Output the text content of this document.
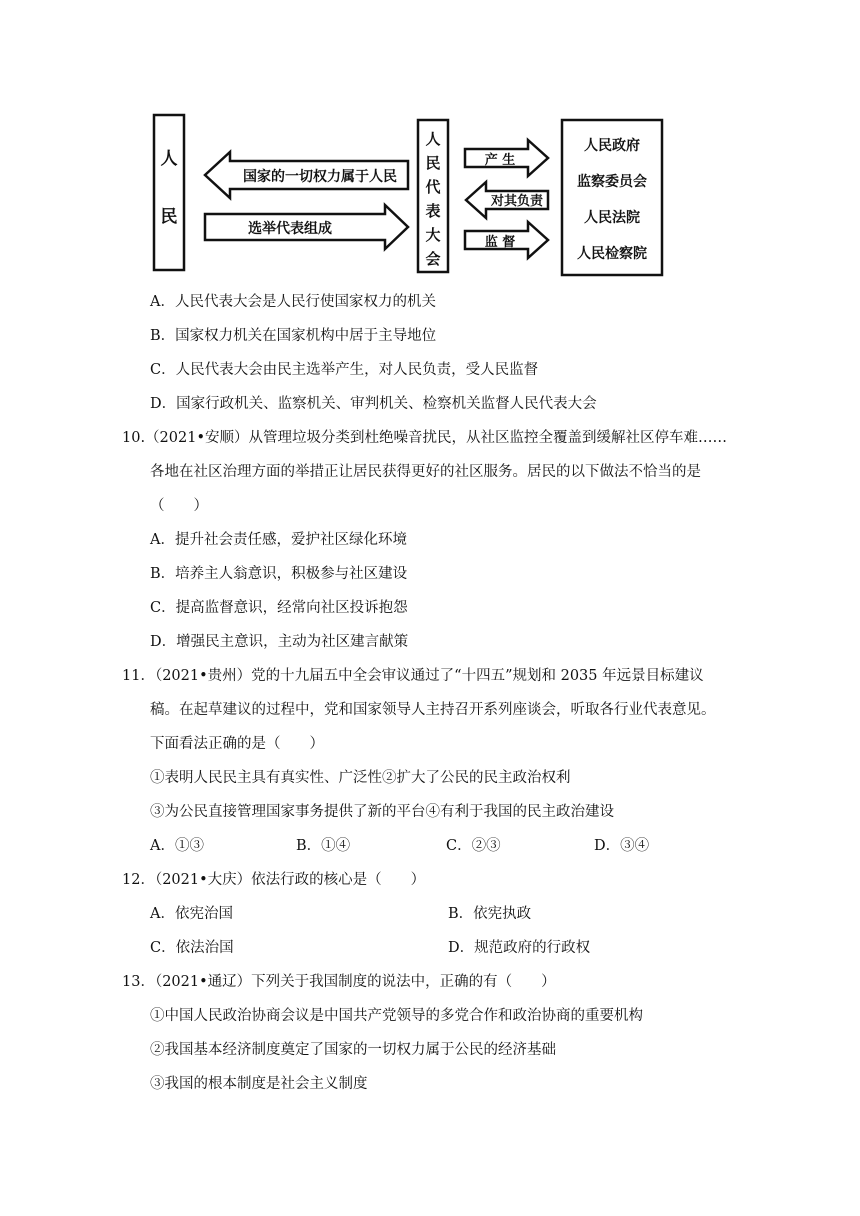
人
民
国家的一切权力属于人民
选举代表组成
人
民
代
表
大
会
产 生
对其负责
监 督
人民政府
监察委员会
人民法院
人民检察院
A．人民代表大会是人民行使国家权力的机关
B．国家权力机关在国家机构中居于主导地位
C．人民代表大会由民主选举产生，对人民负责，受人民监督
D．国家行政机关、监察机关、审判机关、检察机关监督人民代表大会
10.（2021•安顺）从管理垃圾分类到杜绝噪音扰民，从社区监控全覆盖到缓解社区停车难……
各地在社区治理方面的举措正让居民获得更好的社区服务。居民的以下做法不恰当的是
（　　）
A．提升社会责任感，爱护社区绿化环境
B．培养主人翁意识，积极参与社区建设
C．提高监督意识，经常向社区投诉抱怨
D．增强民主意识，主动为社区建言献策
11．（2021•贵州）党的十九届五中全会审议通过了“十四五”规划和 2035 年远景目标建议
稿。在起草建议的过程中，党和国家领导人主持召开系列座谈会，听取各行业代表意见。
下面看法正确的是（　　）
①表明人民民主具有真实性、广泛性②扩大了公民的民主政治权利
③为公民直接管理国家事务提供了新的平台④有利于我国的民主政治建设
A．①③	B．①④	C．②③	D．③④
12．（2021•大庆）依法行政的核心是（　　）
A．依宪治国	B．依宪执政
C．依法治国	D．规范政府的行政权
13．（2021•通辽）下列关于我国制度的说法中，正确的有（　　）
①中国人民政治协商会议是中国共产党领导的多党合作和政治协商的重要机构
②我国基本经济制度奠定了国家的一切权力属于公民的经济基础
③我国的根本制度是社会主义制度
